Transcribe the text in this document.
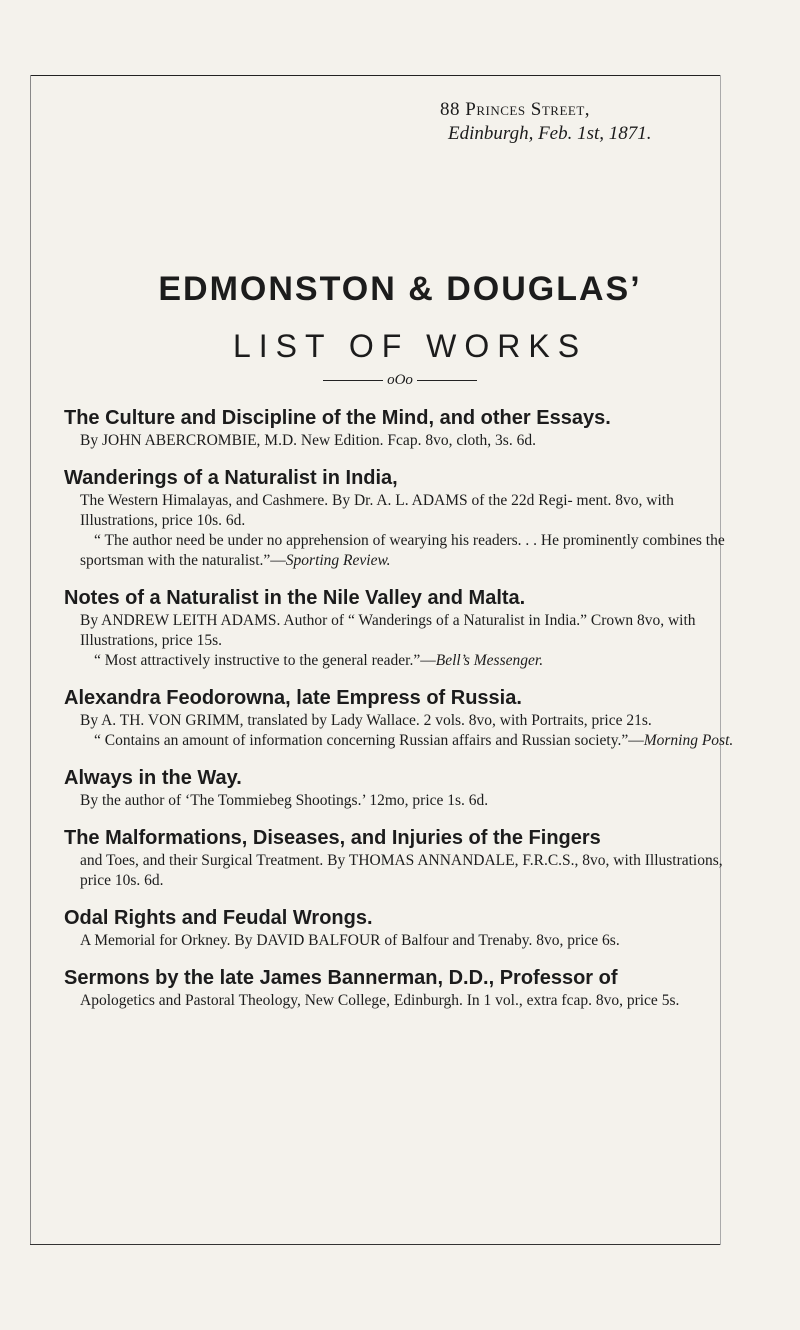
88 Princes Street,
Edinburgh, Feb. 1st, 1871.
EDMONSTON & DOUGLAS’
LIST OF WORKS
oOo
The Culture and Discipline of the Mind, and other Essays.
By JOHN ABERCROMBIE, M.D. New Edition. Fcap. 8vo, cloth, 3s. 6d.
Wanderings of a Naturalist in India,
The Western Himalayas, and Cashmere. By Dr. A. L. ADAMS of the 22d Regi- ment. 8vo, with Illustrations, price 10s. 6d.
“ The author need be under no apprehension of wearying his readers. . . He prominently combines the sportsman with the naturalist.”—Sporting Review.
Notes of a Naturalist in the Nile Valley and Malta.
By ANDREW LEITH ADAMS. Author of “ Wanderings of a Naturalist in India.” Crown 8vo, with Illustrations, price 15s.
“ Most attractively instructive to the general reader.”—Bell’s Messenger.
Alexandra Feodorowna, late Empress of Russia.
By A. TH. VON GRIMM, translated by Lady Wallace. 2 vols. 8vo, with Portraits, price 21s.
“ Contains an amount of information concerning Russian affairs and Russian society.”—Morning Post.
Always in the Way.
By the author of ‘The Tommiebeg Shootings.’ 12mo, price 1s. 6d.
The Malformations, Diseases, and Injuries of the Fingers
and Toes, and their Surgical Treatment. By THOMAS ANNANDALE, F.R.C.S., 8vo, with Illustrations, price 10s. 6d.
Odal Rights and Feudal Wrongs.
A Memorial for Orkney. By DAVID BALFOUR of Balfour and Trenaby. 8vo, price 6s.
Sermons by the late James Bannerman, D.D., Professor of
Apologetics and Pastoral Theology, New College, Edinburgh. In 1 vol., extra fcap. 8vo, price 5s.
